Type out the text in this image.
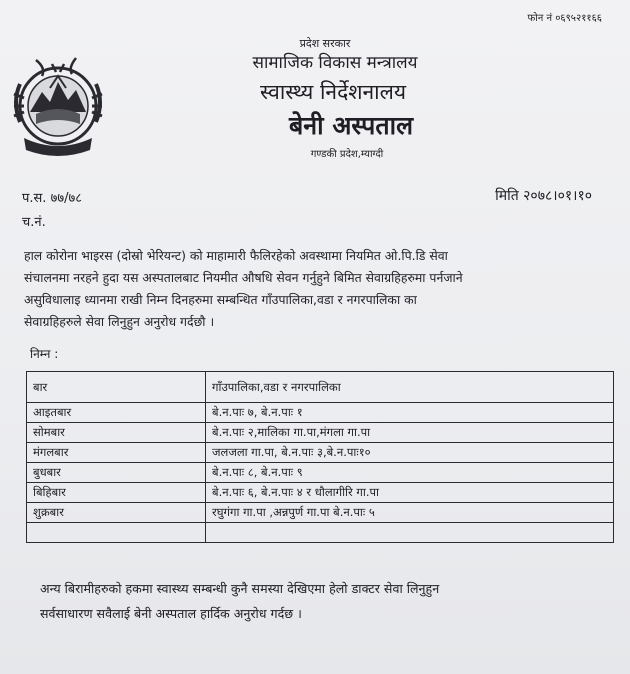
फोन नं ०६९५२११६६
प्रदेश सरकार
सामाजिक विकास मन्त्रालय
स्वास्थ्य निर्देशनालय
बेनी अस्पताल
गण्डकी प्रदेश,म्याग्दी
प.स. ७७/७८
च.नं.
मिति २०७८।०१।१०
हाल कोरोना भाइरस (दोस्रो भेरियन्ट) को माहामारी फैलिरहेको अवस्थामा नियमित ओ.पि.डि सेवा
संचालनमा नरहने हुदा यस अस्पतालबाट नियमीत औषधि सेवन गर्नुहुने बिमित सेवाग्रहिहरुमा पर्नजाने
असुविधालाइ ध्यानमा राखी निम्न दिनहरुमा सम्बन्धित गाँउपालिका,वडा र नगरपालिका का
सेवाग्रहिहरुले सेवा लिनुहुन अनुरोध गर्दछौ ।
निम्न :
बार	गाँउपालिका,वडा र नगरपालिका
आइतबार	बे.न.पाः ७, बे.न.पाः १
सोमबार	बे.न.पाः २,मालिका गा.पा,मंगला गा.पा
मंगलबार	जलजला गा.पा, बे.न.पाः ३,बे.न.पाः१०
बुधबार	बे.न.पाः ८, बे.न.पाः ९
बिहिबार	बे.न.पाः ६, बे.न.पाः ४ र धौलागीरि गा.पा
शुक्रबार	रघुगंगा गा.पा ,अन्नपुर्ण गा.पा बे.न.पाः ५

अन्य बिरामीहरुको हकमा स्वास्थ्य सम्बन्धी कुनै समस्या देखिएमा हेलो डाक्टर सेवा लिनुहुन
सर्वसाधारण सवैलाई बेनी अस्पताल हार्दिक अनुरोध गर्दछ ।
